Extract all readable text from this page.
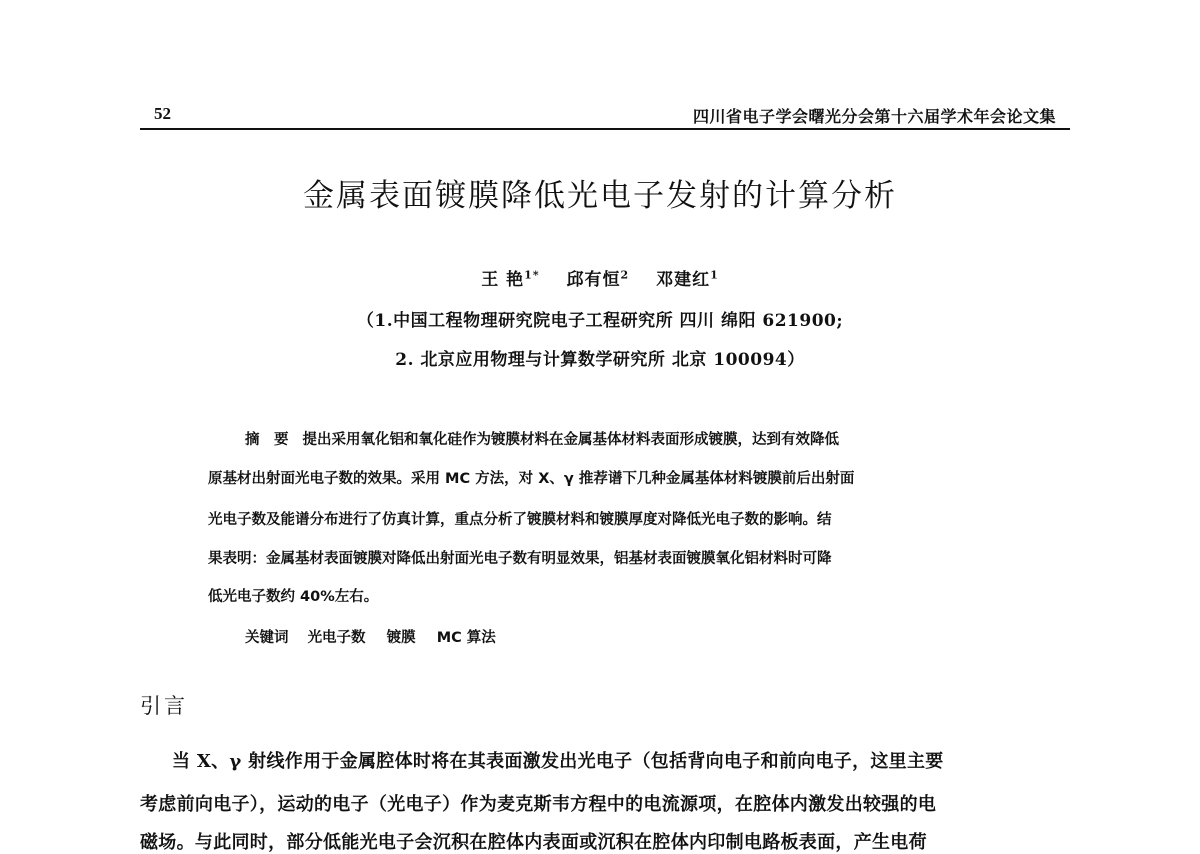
52	四川省电子学会曙光分会第十六届学术年会论文集
金属表面镀膜降低光电子发射的计算分析
王 艳$^{1*}$ 邱有恒$^2$ 邓建红$^1$
（1.中国工程物理研究院电子工程研究所 四川 绵阳 621900;
2. 北京应用物理与计算数学研究所 北京 100094）
摘　要 提出采用氧化铝和氧化硅作为镀膜材料在金属基体材料表面形成镀膜，达到有效降低
原基材出射面光电子数的效果。采用 MC 方法，对 X、γ 推荐谱下几种金属基体材料镀膜前后出射面
光电子数及能谱分布进行了仿真计算，重点分析了镀膜材料和镀膜厚度对降低光电子数的影响。结
果表明：金属基材表面镀膜对降低出射面光电子数有明显效果，铝基材表面镀膜氧化铝材料时可降
低光电子数约 40%左右。
关键词 光电子数 镀膜 MC 算法
引言
当 X、γ 射线作用于金属腔体时将在其表面激发出光电子（包括背向电子和前向电子，这里主要
考虑前向电子），运动的电子（光电子）作为麦克斯韦方程中的电流源项，在腔体内激发出较强的电
磁场。与此同时，部分低能光电子会沉积在腔体内表面或沉积在腔体内印制电路板表面，产生电荷
